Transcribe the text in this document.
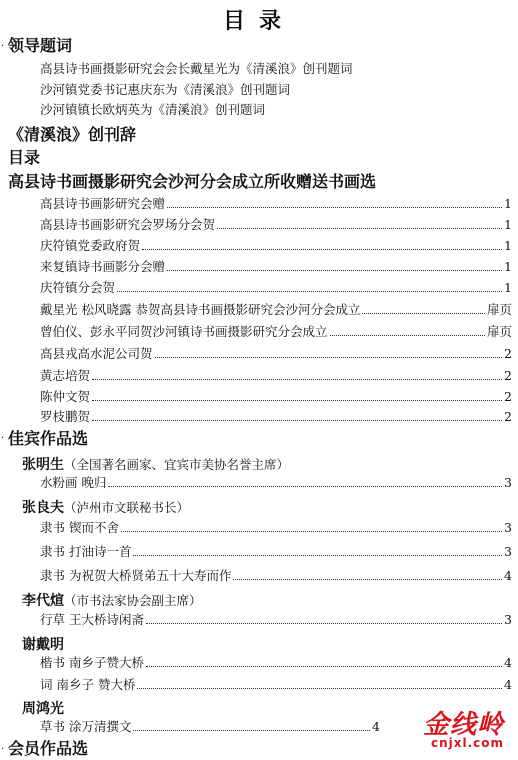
目录
· 领导题词
高县诗书画摄影研究会会长戴星光为《清溪浪》创刊题词
沙河镇党委书记惠庆东为《清溪浪》创刊题词
沙河镇镇长欧炳英为《清溪浪》创刊题词
《清溪浪》创刊辞
目录
高县诗书画摄影研究会沙河分会成立所收赠送书画选
高县诗书画影研究会赠	1
高县诗书画影研究会罗场分会贺	1
庆符镇党委政府贺	1
来复镇诗书画影分会赠	1
庆符镇分会贺	1
戴星光 松风晓露 恭贺高县诗书画摄影研究会沙河分会成立	扉页
曾伯仪、彭永平同贺沙河镇诗书画摄影研究分会成立	扉页
高县戎高水泥公司贺	2
黄志培贺	2
陈仲文贺	2
罗枝鹏贺	2
· 佳宾作品选
张明生（全国著名画家、宜宾市美协名誉主席）
水粉画 晚归	3
张良夫（泸州市文联秘书长）
隶书 锲而不舍	3
隶书 打油诗一首	3
隶书 为祝贺大桥贤弟五十大寿而作	4
李代煊（市书法家协会副主席）
行草 王大桥诗闲斋	3
谢戴明
楷书 南乡子赞大桥	4
词 南乡子 赞大桥	4
周鸿光
草书 涂万清撰文	4
· 会员作品选
金线岭
cnjxl.com
